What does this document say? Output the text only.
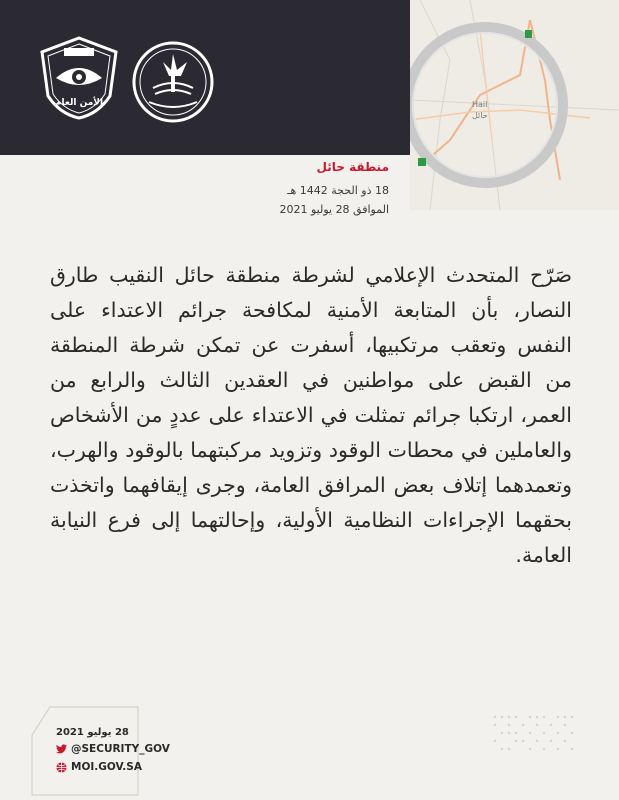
الأمن العام	Hail
حائل
منطقة حائل
18 ذو الحجة 1442 هـ
الموافق 28 يوليو 2021

صَرّح المتحدث الإعلامي لشرطة منطقة حائل النقيب طارق النصار، بأن المتابعة الأمنية لمكافحة جرائم الاعتداء على النفس وتعقب مرتكبيها، أسفرت عن تمكن شرطة المنطقة من القبض على مواطنين في العقدين الثالث والرابع من العمر، ارتكبا جرائم تمثلت في الاعتداء على عددٍ من الأشخاص والعاملين في محطات الوقود وتزويد مركبتهما بالوقود والهرب، وتعمدهما إتلاف بعض المرافق العامة، وجرى إيقافهما واتخذت بحقهما الإجراءات النظامية الأولية، وإحالتهما إلى فرع النيابة العامة.

28 يوليو 2021
@SECURITY_GOV
MOI.GOV.SA
